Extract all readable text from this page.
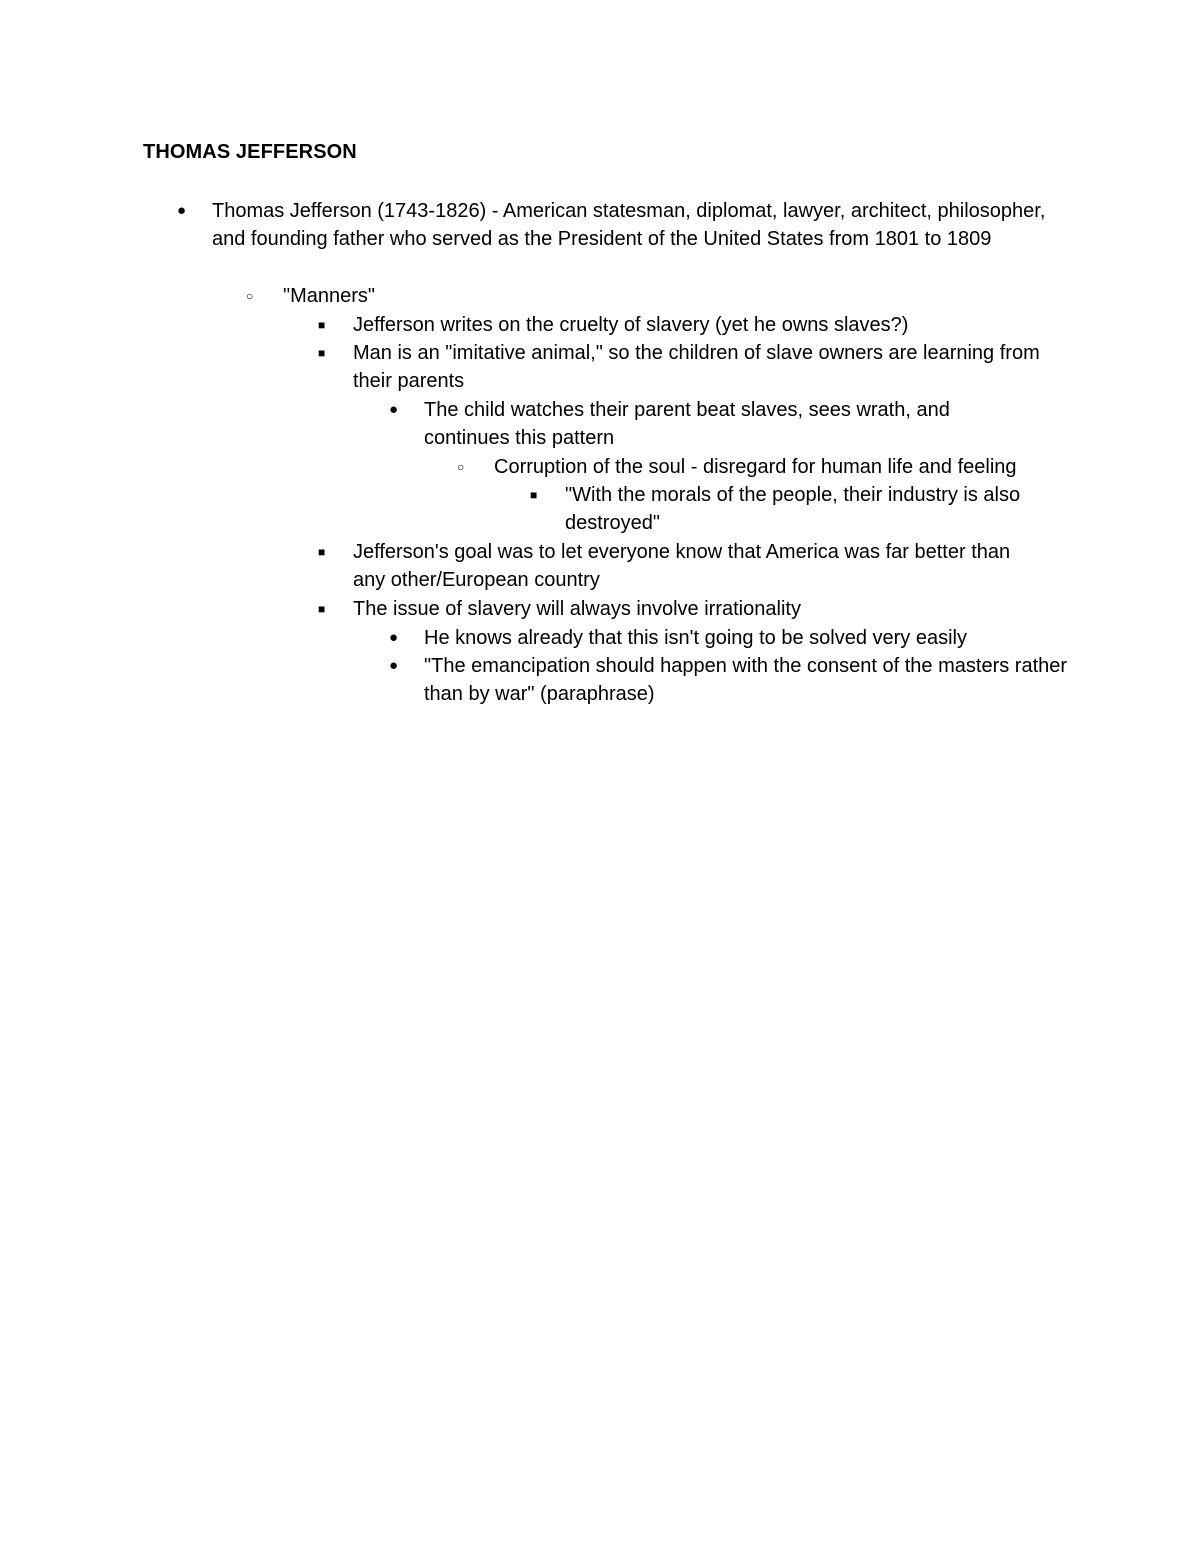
THOMAS JEFFERSON
● Thomas Jefferson (1743-1826) - American statesman, diplomat, lawyer, architect, philosopher, and founding father who served as the President of the United States from 1801 to 1809
○ "Manners"
■ Jefferson writes on the cruelty of slavery (yet he owns slaves?)
■ Man is an "imitative animal," so the children of slave owners are learning from their parents
● The child watches their parent beat slaves, sees wrath, and continues this pattern
○ Corruption of the soul - disregard for human life and feeling
■ "With the morals of the people, their industry is also destroyed"
■ Jefferson's goal was to let everyone know that America was far better than any other/European country
■ The issue of slavery will always involve irrationality
● He knows already that this isn't going to be solved very easily
● "The emancipation should happen with the consent of the masters rather than by war" (paraphrase)
